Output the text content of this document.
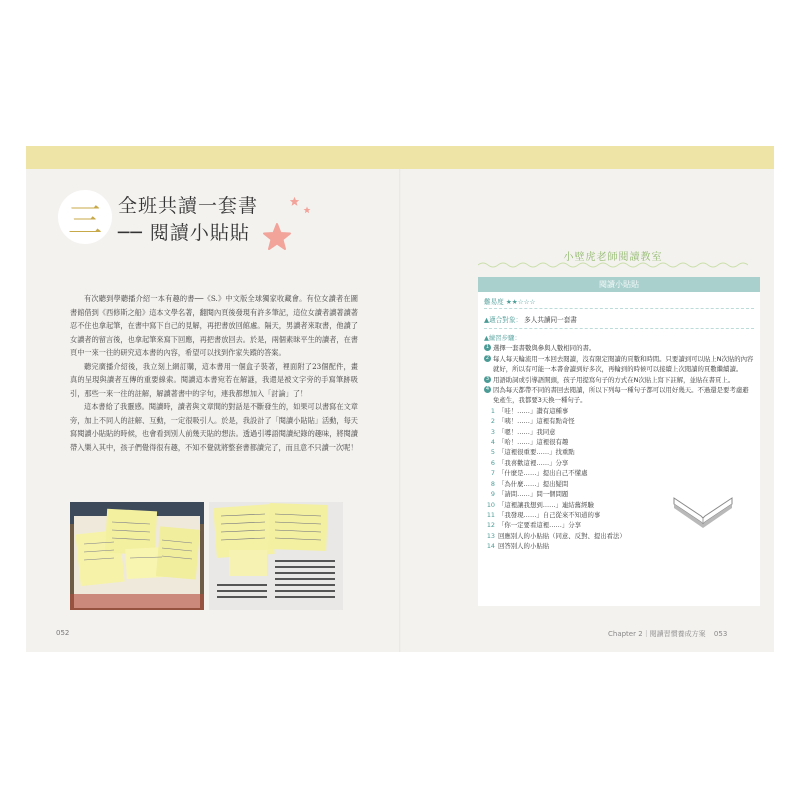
三 全班共讀一套書
── 閱讀小貼貼

有次聽到學聽播介紹一本有趣的書──《S.》中文版全球獨家收藏會。有位女讀者在圖書館借到《西修斯之船》這本文學名著，翻閱內頁後發現有許多筆記，這位女讀者讀著讀著忍不住也拿起筆，在書中寫下自己的見解，再把書放回館處。隔天，男讀者來取書，他讀了女讀者的留言後，也拿起筆來寫下回應，再把書放回去。於是，兩個素昧平生的讀者，在書頁中一來一往的研究這本書的內容，希望可以找到作家失蹤的答案。

聽完廣播介紹後，我立刻上網訂購，這本書用一個盒子裝著，裡面附了23個配件，畫真的呈現與讀者互傳的重要線索。閱讀這本書宛若在解謎，我還是被文字旁的手寫筆跡吸引，那些一來一往的註解，解讀著書中的字句，連我都想加入「討論」了！

這本書給了我靈感。閱讀時，讀者與文章間的對話是不斷發生的，如果可以書寫在文章旁，加上不同人的註解、互動，一定很吸引人。於是，我設計了「閱讀小貼貼」活動，每天寫閱讀小貼貼的時候，也會看到別人前幾天貼的想法。透過引導語閱讀紀錄的趣味，將閱讀帶入樂入其中，孩子們覺得很有趣，不知不覺就將整套書都讀完了，而且意不只讀一次呢！

052
小壁虎老師閱讀教室
閱讀小貼貼
難易度 ★★☆☆☆
▲適合對象： 多人共讀同一套書
▲練習步驟：
1 選擇一套書數與參與人數相同的書。
2 每人每天輪流用一本回去閱讀，沒有限定閱讀的頁數和時間。只要讀到可以貼上N次貼的內容就好，所以有可能一本書會讀到好多次，再輪到的時候可以接續上次閱讀的頁數繼續讀。
3 用語助詞或引導語開頭，孩子用提寫句子的方式在N次貼上寫下註解，並貼在書頁上。
4 因為每天都帶不同的書回去閱讀，所以下列每一種句子都可以用好幾天。不過還是要考慮避免產生，我都要3天換一種句子。
1 「哇！……」讚有這種事
2 「咦！……」這裡有點奇怪
3 「嗯！……」我同意
4 「哈！……」這裡很有趣
5 「這裡很重要……」找重點
6 「我喜歡這裡……」分享
7 「什麼是……」提出自己不懂處
8 「為什麼……」提出疑問
9 「請問……」問一個問題
10 「這裡讓我想到……」連結舊經驗
11 「我發現……」自己從來不知道的事
12 「你一定要看這裡……」分享
13 回應別人的小貼貼（同意、反對、提出看法）
14 回答別人的小貼貼
Chapter 2｜閱讀習慣養成方案 053
